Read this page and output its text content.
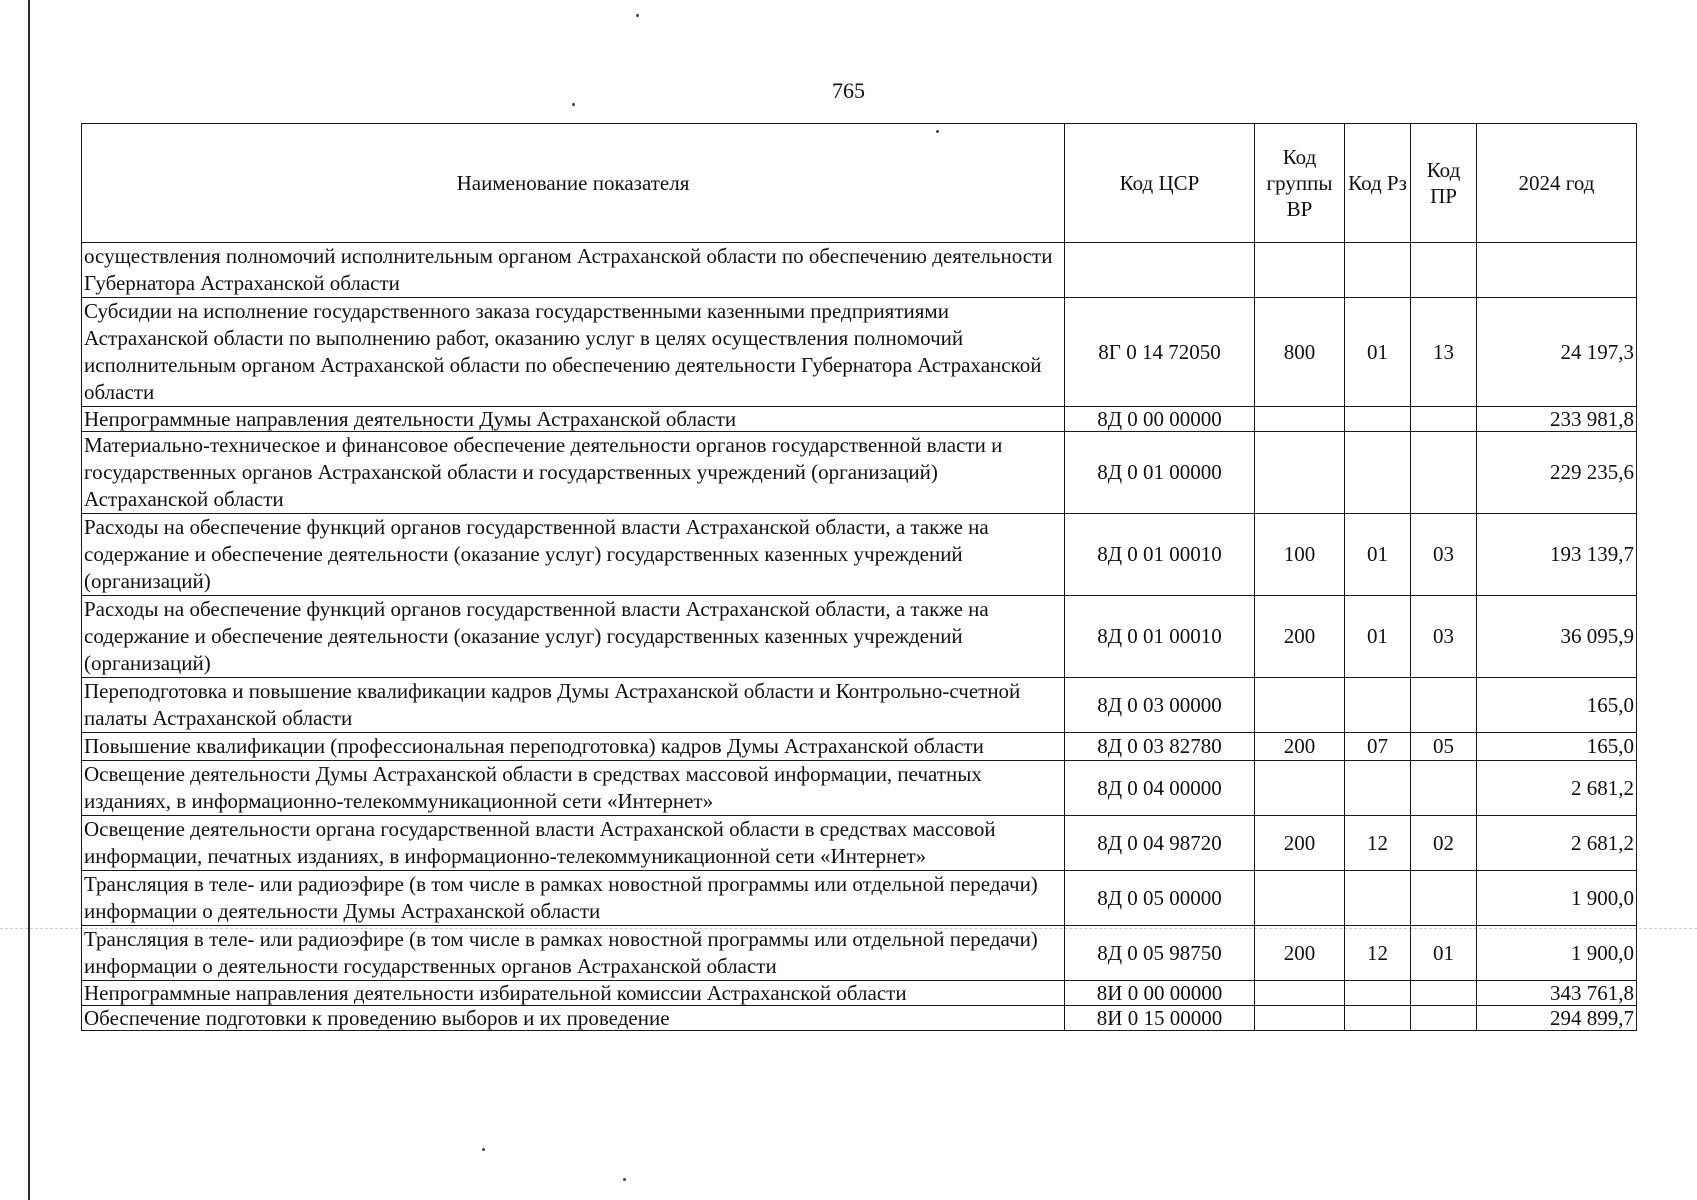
765
Наименование показателя	Код ЦСР	Код группы ВР	Код Рз	Код ПР	2024 год
осуществления полномочий исполнительным органом Астраханской области по обеспечению деятельности Губернатора Астраханской области					
Субсидии на исполнение государственного заказа государственными казенными предприятиями Астраханской области по выполнению работ, оказанию услуг в целях осуществления полномочий исполнительным органом Астраханской области по обеспечению деятельности Губернатора Астраханской области	8Г 0 14 72050	800	01	13	24 197,3
Непрограммные направления деятельности Думы Астраханской области	8Д 0 00 00000				233 981,8
Материально-техническое и финансовое обеспечение деятельности органов государственной власти и государственных органов Астраханской области и государственных учреждений (организаций) Астраханской области	8Д 0 01 00000				229 235,6
Расходы на обеспечение функций органов государственной власти Астраханской области, а также на содержание и обеспечение деятельности (оказание услуг) государственных казенных учреждений (организаций)	8Д 0 01 00010	100	01	03	193 139,7
Расходы на обеспечение функций органов государственной власти Астраханской области, а также на содержание и обеспечение деятельности (оказание услуг) государственных казенных учреждений (организаций)	8Д 0 01 00010	200	01	03	36 095,9
Переподготовка и повышение квалификации кадров Думы Астраханской области и Контрольно-счетной палаты Астраханской области	8Д 0 03 00000				165,0
Повышение квалификации (профессиональная переподготовка) кадров Думы Астраханской области	8Д 0 03 82780	200	07	05	165,0
Освещение деятельности Думы Астраханской области в средствах массовой информации, печатных изданиях, в информационно-телекоммуникационной сети «Интернет»	8Д 0 04 00000				2 681,2
Освещение деятельности органа государственной власти Астраханской области в средствах массовой информации, печатных изданиях, в информационно-телекоммуникационной сети «Интернет»	8Д 0 04 98720	200	12	02	2 681,2
Трансляция в теле- или радиоэфире (в том числе в рамках новостной программы или отдельной передачи) информации о деятельности Думы Астраханской области	8Д 0 05 00000				1 900,0
Трансляция в теле- или радиоэфире (в том числе в рамках новостной программы или отдельной передачи) информации о деятельности государственных органов Астраханской области	8Д 0 05 98750	200	12	01	1 900,0
Непрограммные направления деятельности избирательной комиссии Астраханской области	8И 0 00 00000				343 761,8
Обеспечение подготовки к проведению выборов и их проведение	8И 0 15 00000				294 899,7
